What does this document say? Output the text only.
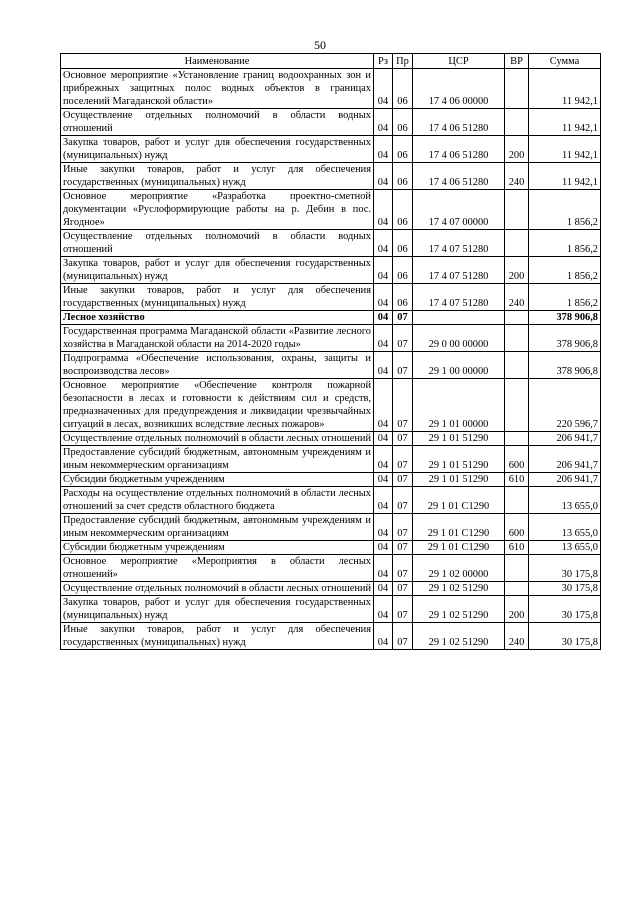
50
Наименование	Рз	Пр	ЦСР	ВР	Сумма
Основное мероприятие «Установление границ водоохранных зон и прибрежных защитных полос водных объектов в границах поселений Магаданской области»	04	06	17 4 06 00000		11 942,1
Осуществление отдельных полномочий в области водных отношений	04	06	17 4 06 51280		11 942,1
Закупка товаров, работ и услуг для обеспечения государственных (муниципальных) нужд	04	06	17 4 06 51280	200	11 942,1
Иные закупки товаров, работ и услуг для обеспечения государственных (муниципальных) нужд	04	06	17 4 06 51280	240	11 942,1
Основное мероприятие «Разработка проектно-сметной документации «Руслоформирующие работы на р. Дебин в пос. Ягодное»	04	06	17 4 07 00000		1 856,2
Осуществление отдельных полномочий в области водных отношений	04	06	17 4 07 51280		1 856,2
Закупка товаров, работ и услуг для обеспечения государственных (муниципальных) нужд	04	06	17 4 07 51280	200	1 856,2
Иные закупки товаров, работ и услуг для обеспечения государственных (муниципальных) нужд	04	06	17 4 07 51280	240	1 856,2
Лесное хозяйство	04	07			378 906,8
Государственная программа Магаданской области «Развитие лесного хозяйства в Магаданской области на 2014-2020 годы»	04	07	29 0 00 00000		378 906,8
Подпрограмма «Обеспечение использования, охраны, защиты и воспроизводства лесов»	04	07	29 1 00 00000		378 906,8
Основное мероприятие «Обеспечение контроля пожарной безопасности в лесах и готовности к действиям сил и средств, предназначенных для предупреждения и ликвидации чрезвычайных ситуаций в лесах, возникших вследствие лесных пожаров»	04	07	29 1 01 00000		220 596,7
Осуществление отдельных полномочий в области лесных отношений	04	07	29 1 01 51290		206 941,7
Предоставление субсидий бюджетным, автономным учреждениям и иным некоммерческим организациям	04	07	29 1 01 51290	600	206 941,7
Субсидии бюджетным учреждениям	04	07	29 1 01 51290	610	206 941,7
Расходы на осуществление отдельных полномочий в области лесных отношений за счет средств областного бюджета	04	07	29 1 01 С1290		13 655,0
Предоставление субсидий бюджетным, автономным учреждениям и иным некоммерческим организациям	04	07	29 1 01 С1290	600	13 655,0
Субсидии бюджетным учреждениям	04	07	29 1 01 С1290	610	13 655,0
Основное мероприятие «Мероприятия в области лесных отношений»	04	07	29 1 02 00000		30 175,8
Осуществление отдельных полномочий в области лесных отношений	04	07	29 1 02 51290		30 175,8
Закупка товаров, работ и услуг для обеспечения государственных (муниципальных) нужд	04	07	29 1 02 51290	200	30 175,8
Иные закупки товаров, работ и услуг для обеспечения государственных (муниципальных) нужд	04	07	29 1 02 51290	240	30 175,8
